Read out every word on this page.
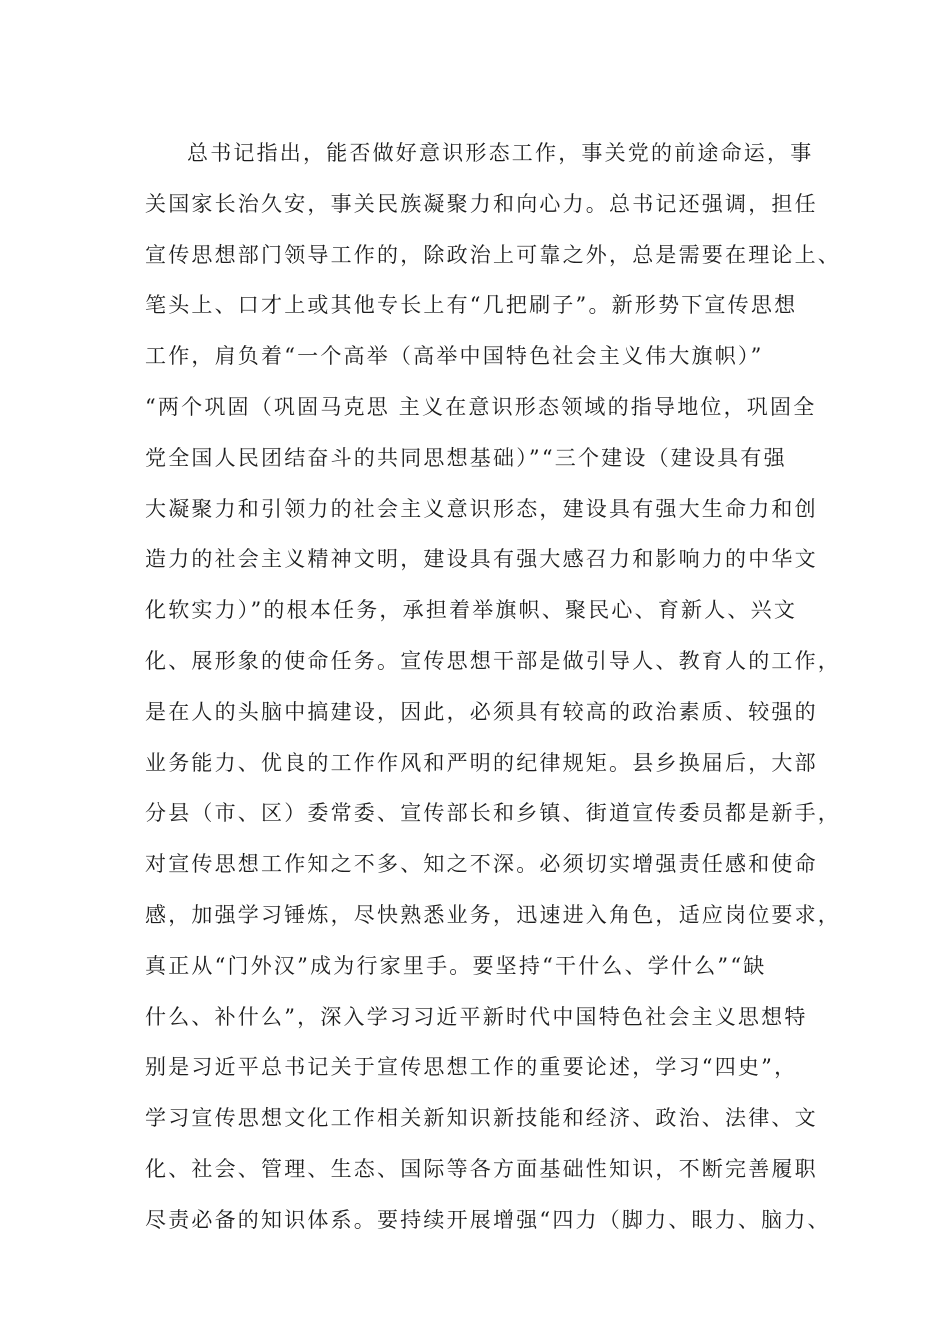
总书记指出，能否做好意识形态工作，事关党的前途命运，事
关国家长治久安，事关民族凝聚力和向心力。总书记还强调，担任
宣传思想部门领导工作的，除政治上可靠之外，总是需要在理论上、
笔头上、口才上或其他专长上有“几把刷子”。新形势下宣传思想
工作，肩负着“一个高举（高举中国特色社会主义伟大旗帜）”
“两个巩固（巩固马克思 主义在意识形态领域的指导地位，巩固全
党全国人民团结奋斗的共同思想基础）”“三个建设（建设具有强
大凝聚力和引领力的社会主义意识形态，建设具有强大生命力和创
造力的社会主义精神文明，建设具有强大感召力和影响力的中华文
化软实力）”的根本任务，承担着举旗帜、聚民心、育新人、兴文
化、展形象的使命任务。宣传思想干部是做引导人、教育人的工作，
是在人的头脑中搞建设，因此，必须具有较高的政治素质、较强的
业务能力、优良的工作作风和严明的纪律规矩。县乡换届后，大部
分县（市、区）委常委、宣传部长和乡镇、街道宣传委员都是新手，
对宣传思想工作知之不多、知之不深。必须切实增强责任感和使命
感，加强学习锤炼，尽快熟悉业务，迅速进入角色，适应岗位要求，
真正从“门外汉”成为行家里手。要坚持“干什么、学什么”“缺
什么、补什么”，深入学习习近平新时代中国特色社会主义思想特
别是习近平总书记关于宣传思想工作的重要论述，学习“四史”，
学习宣传思想文化工作相关新知识新技能和经济、政治、法律、文
化、社会、管理、生态、国际等各方面基础性知识，不断完善履职
尽责必备的知识体系。要持续开展增强“四力（脚力、眼力、脑力、
